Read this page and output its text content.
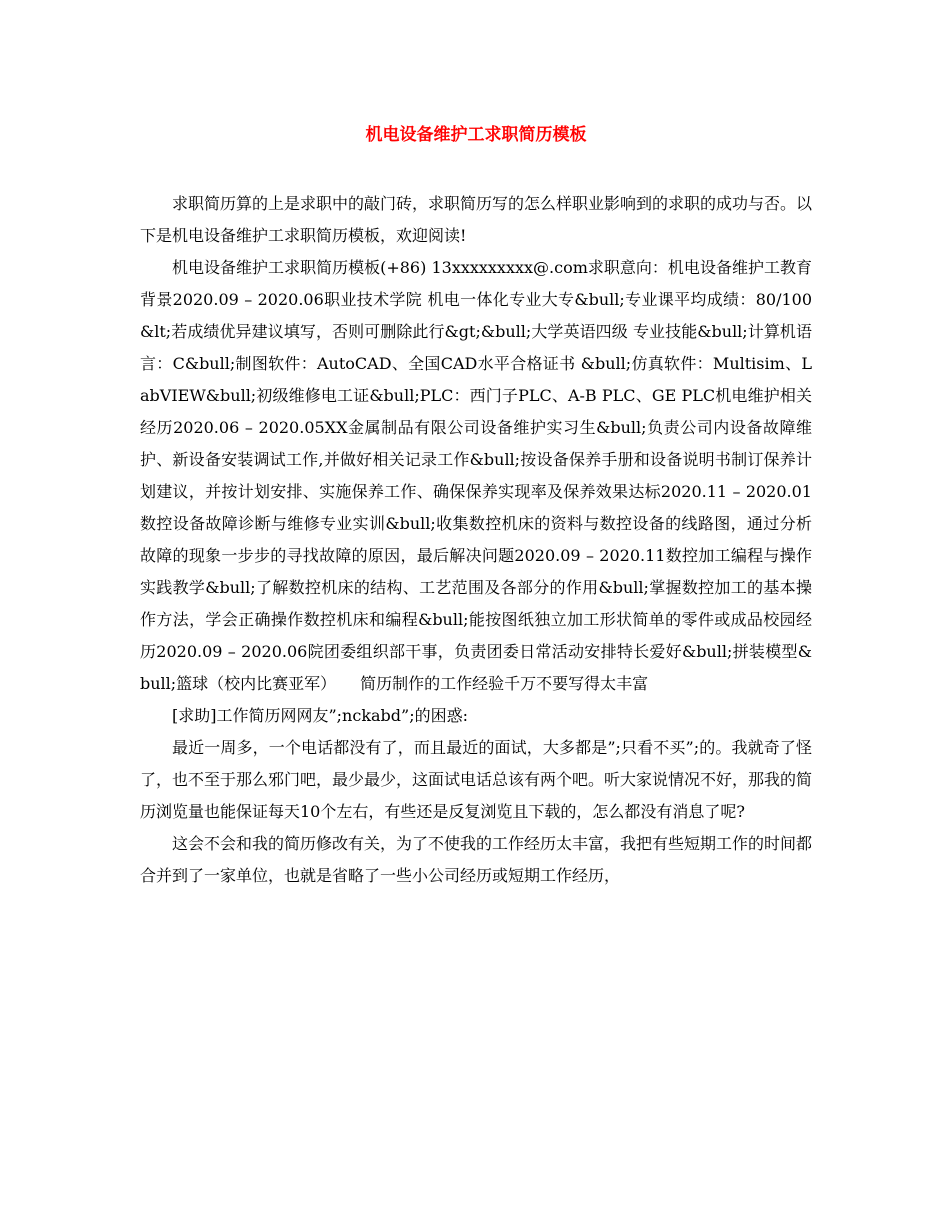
机电设备维护工求职简历模板

求职简历算的上是求职中的敲门砖，求职简历写的怎么样职业影响到的求职的成功与否。以下是机电设备维护工求职简历模板，欢迎阅读!

机电设备维护工求职简历模板(+86) 13xxxxxxxxx@.com求职意向：机电设备维护工教育背景2020.09 – 2020.06职业技术学院 机电一体化专业大专&bull;专业课平均成绩：80/100 &lt;若成绩优异建议填写，否则可删除此行&gt;&bull;大学英语四级 专业技能&bull;计算机语言：C&bull;制图软件：AutoCAD、全国CAD水平合格证书 &bull;仿真软件：Multisim、LabVIEW&bull;初级维修电工证&bull;PLC：西门子PLC、A-B PLC、GE PLC机电维护相关经历2020.06 – 2020.05XX金属制品有限公司设备维护实习生&bull;负责公司内设备故障维护、新设备安装调试工作,并做好相关记录工作&bull;按设备保养手册和设备说明书制订保养计划建议，并按计划安排、实施保养工作、确保保养实现率及保养效果达标2020.11 – 2020.01数控设备故障诊断与维修专业实训&bull;收集数控机床的资料与数控设备的线路图，通过分析故障的现象一步步的寻找故障的原因，最后解决问题2020.09 – 2020.11数控加工编程与操作实践教学&bull;了解数控机床的结构、工艺范围及各部分的作用&bull;掌握数控加工的基本操作方法，学会正确操作数控机床和编程&bull;能按图纸独立加工形状简单的零件或成品校园经历2020.09 – 2020.06院团委组织部干事，负责团委日常活动安排特长爱好&bull;拼装模型&bull;篮球（校内比赛亚军）　　简历制作的工作经验千万不要写得太丰富

[求助]工作简历网网友”;nckabd”;的困惑:

最近一周多，一个电话都没有了，而且最近的面试，大多都是”;只看不买”;的。我就奇了怪了，也不至于那么邪门吧，最少最少，这面试电话总该有两个吧。听大家说情况不好，那我的简历浏览量也能保证每天10个左右，有些还是反复浏览且下载的，怎么都没有消息了呢?

这会不会和我的简历修改有关，为了不使我的工作经历太丰富，我把有些短期工作的时间都合并到了一家单位，也就是省略了一些小公司经历或短期工作经历，
